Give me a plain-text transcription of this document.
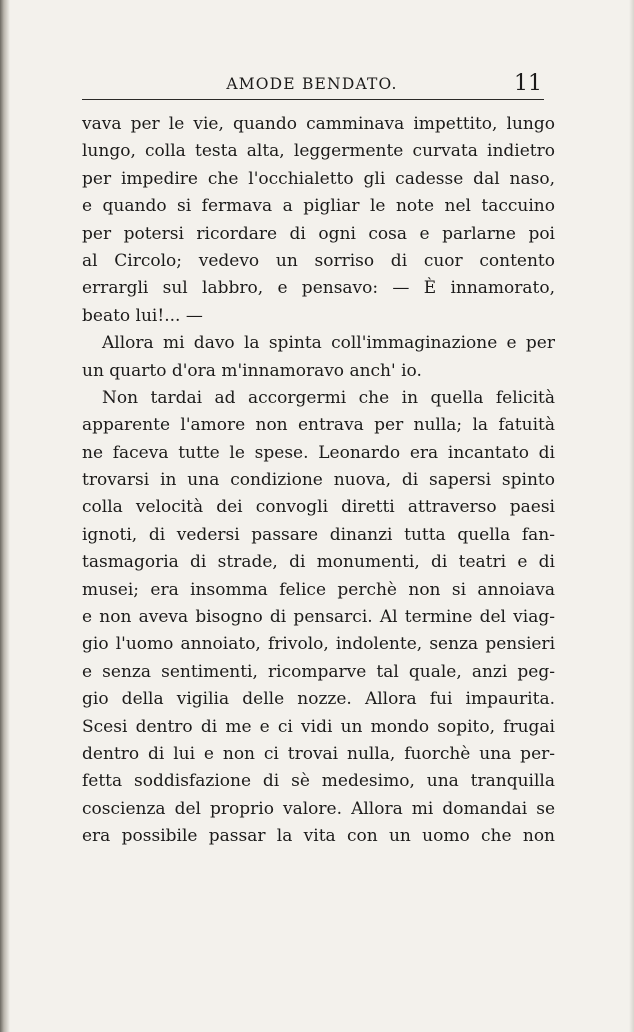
AMODE BENDATO.	11
vava per le vie, quando camminava impettito, lungo
lungo, colla testa alta, leggermente curvata indietro
per impedire che l'occhialetto gli cadesse dal naso,
e quando si fermava a pigliar le note nel taccuino
per potersi ricordare di ogni cosa e parlarne poi
al Circolo; vedevo un sorriso di cuor contento
errargli sul labbro, e pensavo: — È innamorato,
beato lui!... —
Allora mi davo la spinta coll'immaginazione e per
un quarto d'ora m'innamoravo anch' io.
Non tardai ad accorgermi che in quella felicità
apparente l'amore non entrava per nulla; la fatuità
ne faceva tutte le spese. Leonardo era incantato di
trovarsi in una condizione nuova, di sapersi spinto
colla velocità dei convogli diretti attraverso paesi
ignoti, di vedersi passare dinanzi tutta quella fan-
tasmagoria di strade, di monumenti, di teatri e di
musei; era insomma felice perchè non si annoiava
e non aveva bisogno di pensarci. Al termine del viag-
gio l'uomo annoiato, frivolo, indolente, senza pensieri
e senza sentimenti, ricomparve tal quale, anzi peg-
gio della vigilia delle nozze. Allora fui impaurita.
Scesi dentro di me e ci vidi un mondo sopito, frugai
dentro di lui e non ci trovai nulla, fuorchè una per-
fetta soddisfazione di sè medesimo, una tranquilla
coscienza del proprio valore. Allora mi domandai se
era possibile passar la vita con un uomo che non
